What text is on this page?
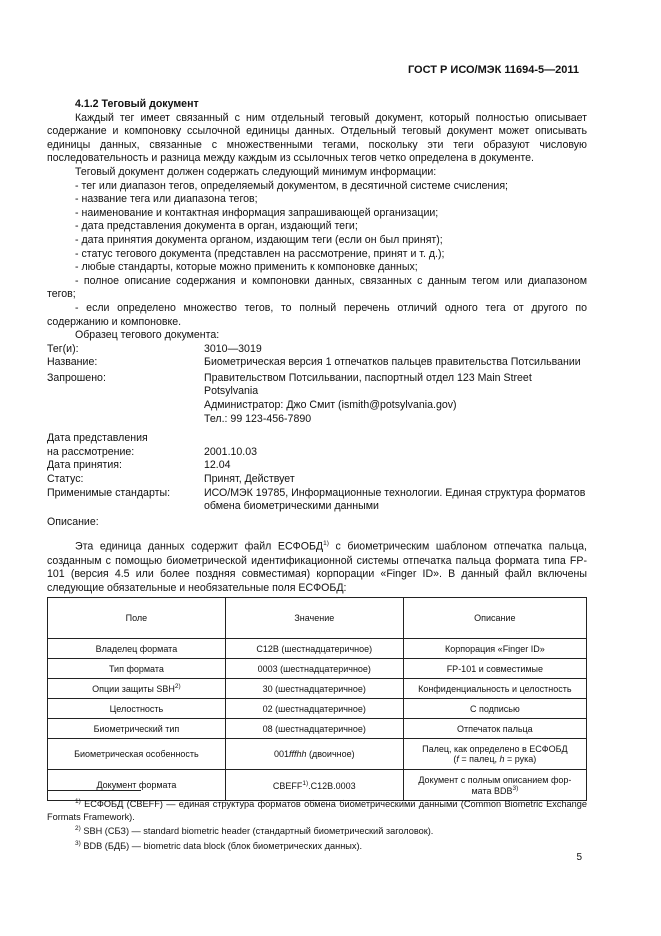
ГОСТ Р ИСО/МЭК 11694-5—2011

4.1.2 Теговый документ

Каждый тег имеет связанный с ним отдельный теговый документ, который полностью описывает содержание и компоновку ссылочной единицы данных. Отдельный теговый документ может описывать единицы данных, связанные с множественными тегами, поскольку эти теги образуют числовую последовательность и разница между каждым из ссылочных тегов четко определена в документе.

Теговый документ должен содержать следующий минимум информации:

- тег или диапазон тегов, определяемый документом, в десятичной системе счисления;

- название тега или диапазона тегов;

- наименование и контактная информация запрашивающей организации;

- дата представления документа в орган, издающий теги;

- дата принятия документа органом, издающим теги (если он был принят);

- статус тегового документа (представлен на рассмотрение, принят и т. д.);

- любые стандарты, которые можно применить к компоновке данных;

- полное описание содержания и компоновки данных, связанных с данным тегом или диапазоном тегов;

- если определено множество тегов, то полный перечень отличий одного тега от другого по содержанию и компоновке.

Образец тегового документа:

Тег(и):	3010—3019
Название:	Биометрическая версия 1 отпечатков пальцев правительства Потсильвании
Запрошено:	Правительством Потсильвании, паспортный отдел 123 Main Street Potsylvania
Администратор: Джо Смит (ismith@potsylvania.gov)
Тел.: 99 123-456-7890
Дата представления
на рассмотрение:
	2001.10.03
Дата принятия:	12.04
Статус:	Принят, Действует
Применимые стандарты:	ИСО/МЭК 19785, Информационные технологии. Единая структура форматов обмена биометрическими данными
Описание:

Эта единица данных содержит файл ЕСФОБД$^{1)}$ с биометрическим шаблоном отпечатка пальца, созданным с помощью биометрической идентификационной системы отпечатка пальца формата типа FP-101 (версия 4.5 или более поздняя совместимая) корпорации «Finger ID». В данный файл включены следующие обязательные и необязательные поля ЕСФОБД:

Поле	Значение	Описание
Владелец формата	C12B (шестнадцатеричное)	Корпорация «Finger ID»
Тип формата	0003 (шестнадцатеричное)	FP-101 и совместимые
Опции защиты SBH$^{2)}$	30 (шестнадцатеричное)	Конфиденциальность и целостность
Целостность	02 (шестнадцатеричное)	С подписью
Биометрический тип	08 (шестнадцатеричное)	Отпечаток пальца
Биометрическая особенность	001fffhh (двоичное)	Палец, как определено в ЕСФОБД
(f = палец, h = рука)

Документ формата	CBEFF$^{1)}$.C12B.0003	Документ с полным описанием фор-
мата BDB$^{3)}$

$^{1)}$ ЕСФОБД (CBEFF) — единая структура форматов обмена биометрическими данными (Common Biometric Exchange Formats Framework).

$^{2)}$ SBH (СБЗ) — standard biometric header (стандартный биометрический заголовок).

$^{3)}$ BDB (БДБ) — biometric data block (блок биометрических данных).

5
